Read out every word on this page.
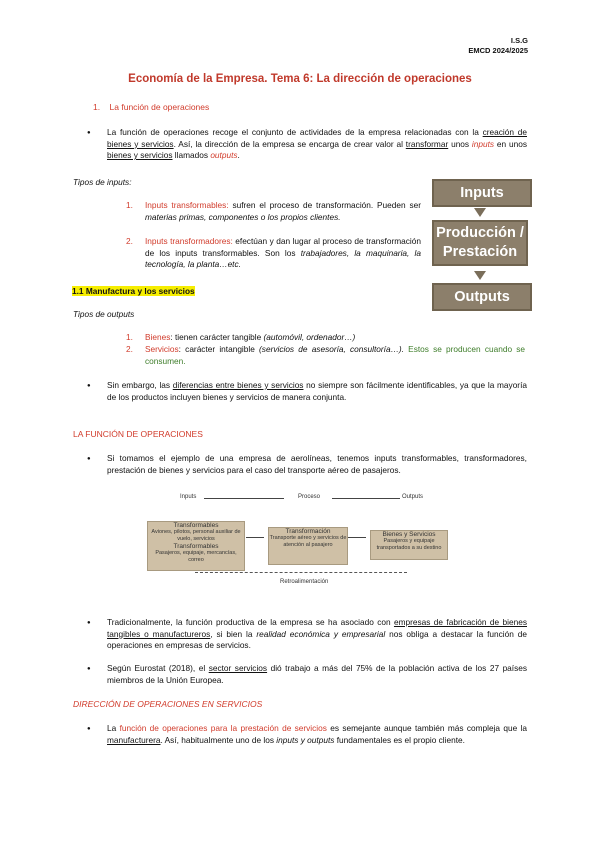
I.S.G
EMCD 2024/2025
Economía de la Empresa. Tema 6: La dirección de operaciones
1. La función de operaciones
● La función de operaciones recoge el conjunto de actividades de la empresa relacionadas con la creación de bienes y servicios. Así, la dirección de la empresa se encarga de crear valor al transformar unos inputs en unos bienes y servicios llamados outputs.
Tipos de inputs:
1. Inputs transformables: sufren el proceso de transformación. Pueden ser materias primas, componentes o los propios clientes.
2. Inputs transformadores: efectúan y dan lugar al proceso de transformación de los inputs transformables. Son los trabajadores, la maquinaria, la tecnología, la planta…etc.
Inputs
Producción / Prestación
Outputs
1.1 Manufactura y los servicios
Tipos de outputs
1. Bienes: tienen carácter tangible (automóvil, ordenador…)
2. Servicios: carácter intangible (servicios de asesoría, consultoría…). Estos se producen cuando se consumen.
● Sin embargo, las diferencias entre bienes y servicios no siempre son fácilmente identificables, ya que la mayoría de los productos incluyen bienes y servicios de manera conjunta.
LA FUNCIÓN DE OPERACIONES
● Si tomamos el ejemplo de una empresa de aerolíneas, tenemos inputs transformables, transformadores, prestación de bienes y servicios para el caso del transporte aéreo de pasajeros.
Inputs	Proceso	Outputs
Transformables
Aviones, pilotos, personal auxiliar de vuelo, servicios
Transformables
Pasajeros, equipaje, mercancías, correo
Transformación
Transporte aéreo y servicios de atención al pasajero
Bienes y Servicios
Pasajeros y equipaje transportados a su destino
Retroalimentación
● Tradicionalmente, la función productiva de la empresa se ha asociado con empresas de fabricación de bienes tangibles o manufactureros, si bien la realidad económica y empresarial nos obliga a destacar la función de operaciones en empresas de servicios.
● Según Eurostat (2018), el sector servicios dió trabajo a más del 75% de la población activa de los 27 países miembros de la Unión Europea.
DIRECCIÓN DE OPERACIONES EN SERVICIOS
● La función de operaciones para la prestación de servicios es semejante aunque también más compleja que la manufacturera. Así, habitualmente uno de los inputs y outputs fundamentales es el propio cliente.
